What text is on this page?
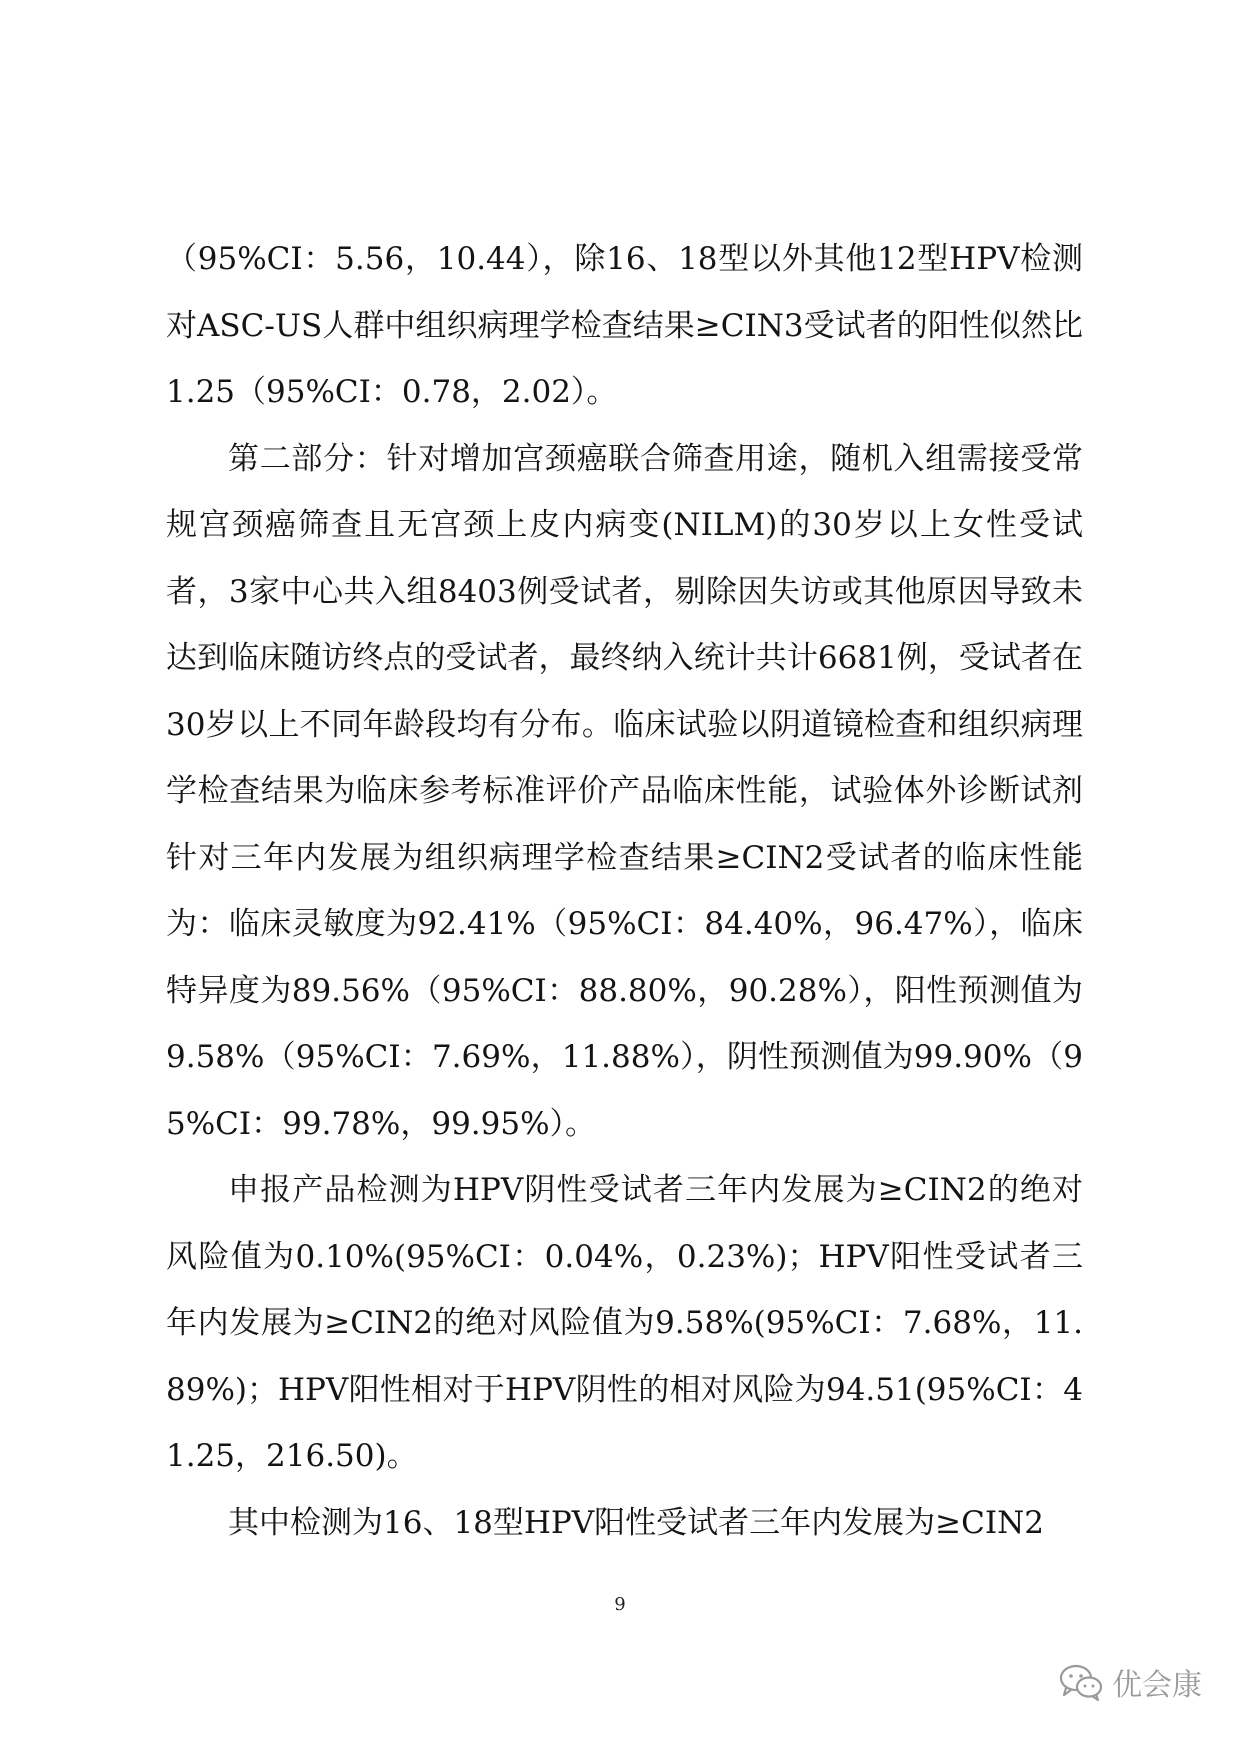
（95%CI：5.56，10.44），除16、18型以外其他12型HPV检测对ASC-US人群中组织病理学检查结果≥CIN3受试者的阳性似然比1.25（95%CI：0.78，2.02）。

第二部分：针对增加宫颈癌联合筛查用途，随机入组需接受常规宫颈癌筛查且无宫颈上皮内病变(NILM)的30岁以上女性受试者，3家中心共入组8403例受试者，剔除因失访或其他原因导致未达到临床随访终点的受试者，最终纳入统计共计6681例，受试者在30岁以上不同年龄段均有分布。临床试验以阴道镜检查和组织病理学检查结果为临床参考标准评价产品临床性能，试验体外诊断试剂针对三年内发展为组织病理学检查结果≥CIN2受试者的临床性能为：临床灵敏度为92.41%（95%CI：84.40%，96.47%），临床特异度为89.56%（95%CI：88.80%，90.28%），阳性预测值为9.58%（95%CI：7.69%，11.88%），阴性预测值为99.90%（95%CI：99.78%，99.95%）。

申报产品检测为HPV阴性受试者三年内发展为≥CIN2的绝对风险值为0.10%(95%CI：0.04%，0.23%)；HPV阳性受试者三年内发展为≥CIN2的绝对风险值为9.58%(95%CI：7.68%，11.89%)；HPV阳性相对于HPV阴性的相对风险为94.51(95%CI：41.25，216.50)。

其中检测为16、18型HPV阳性受试者三年内发展为≥CIN2

9
优会康
